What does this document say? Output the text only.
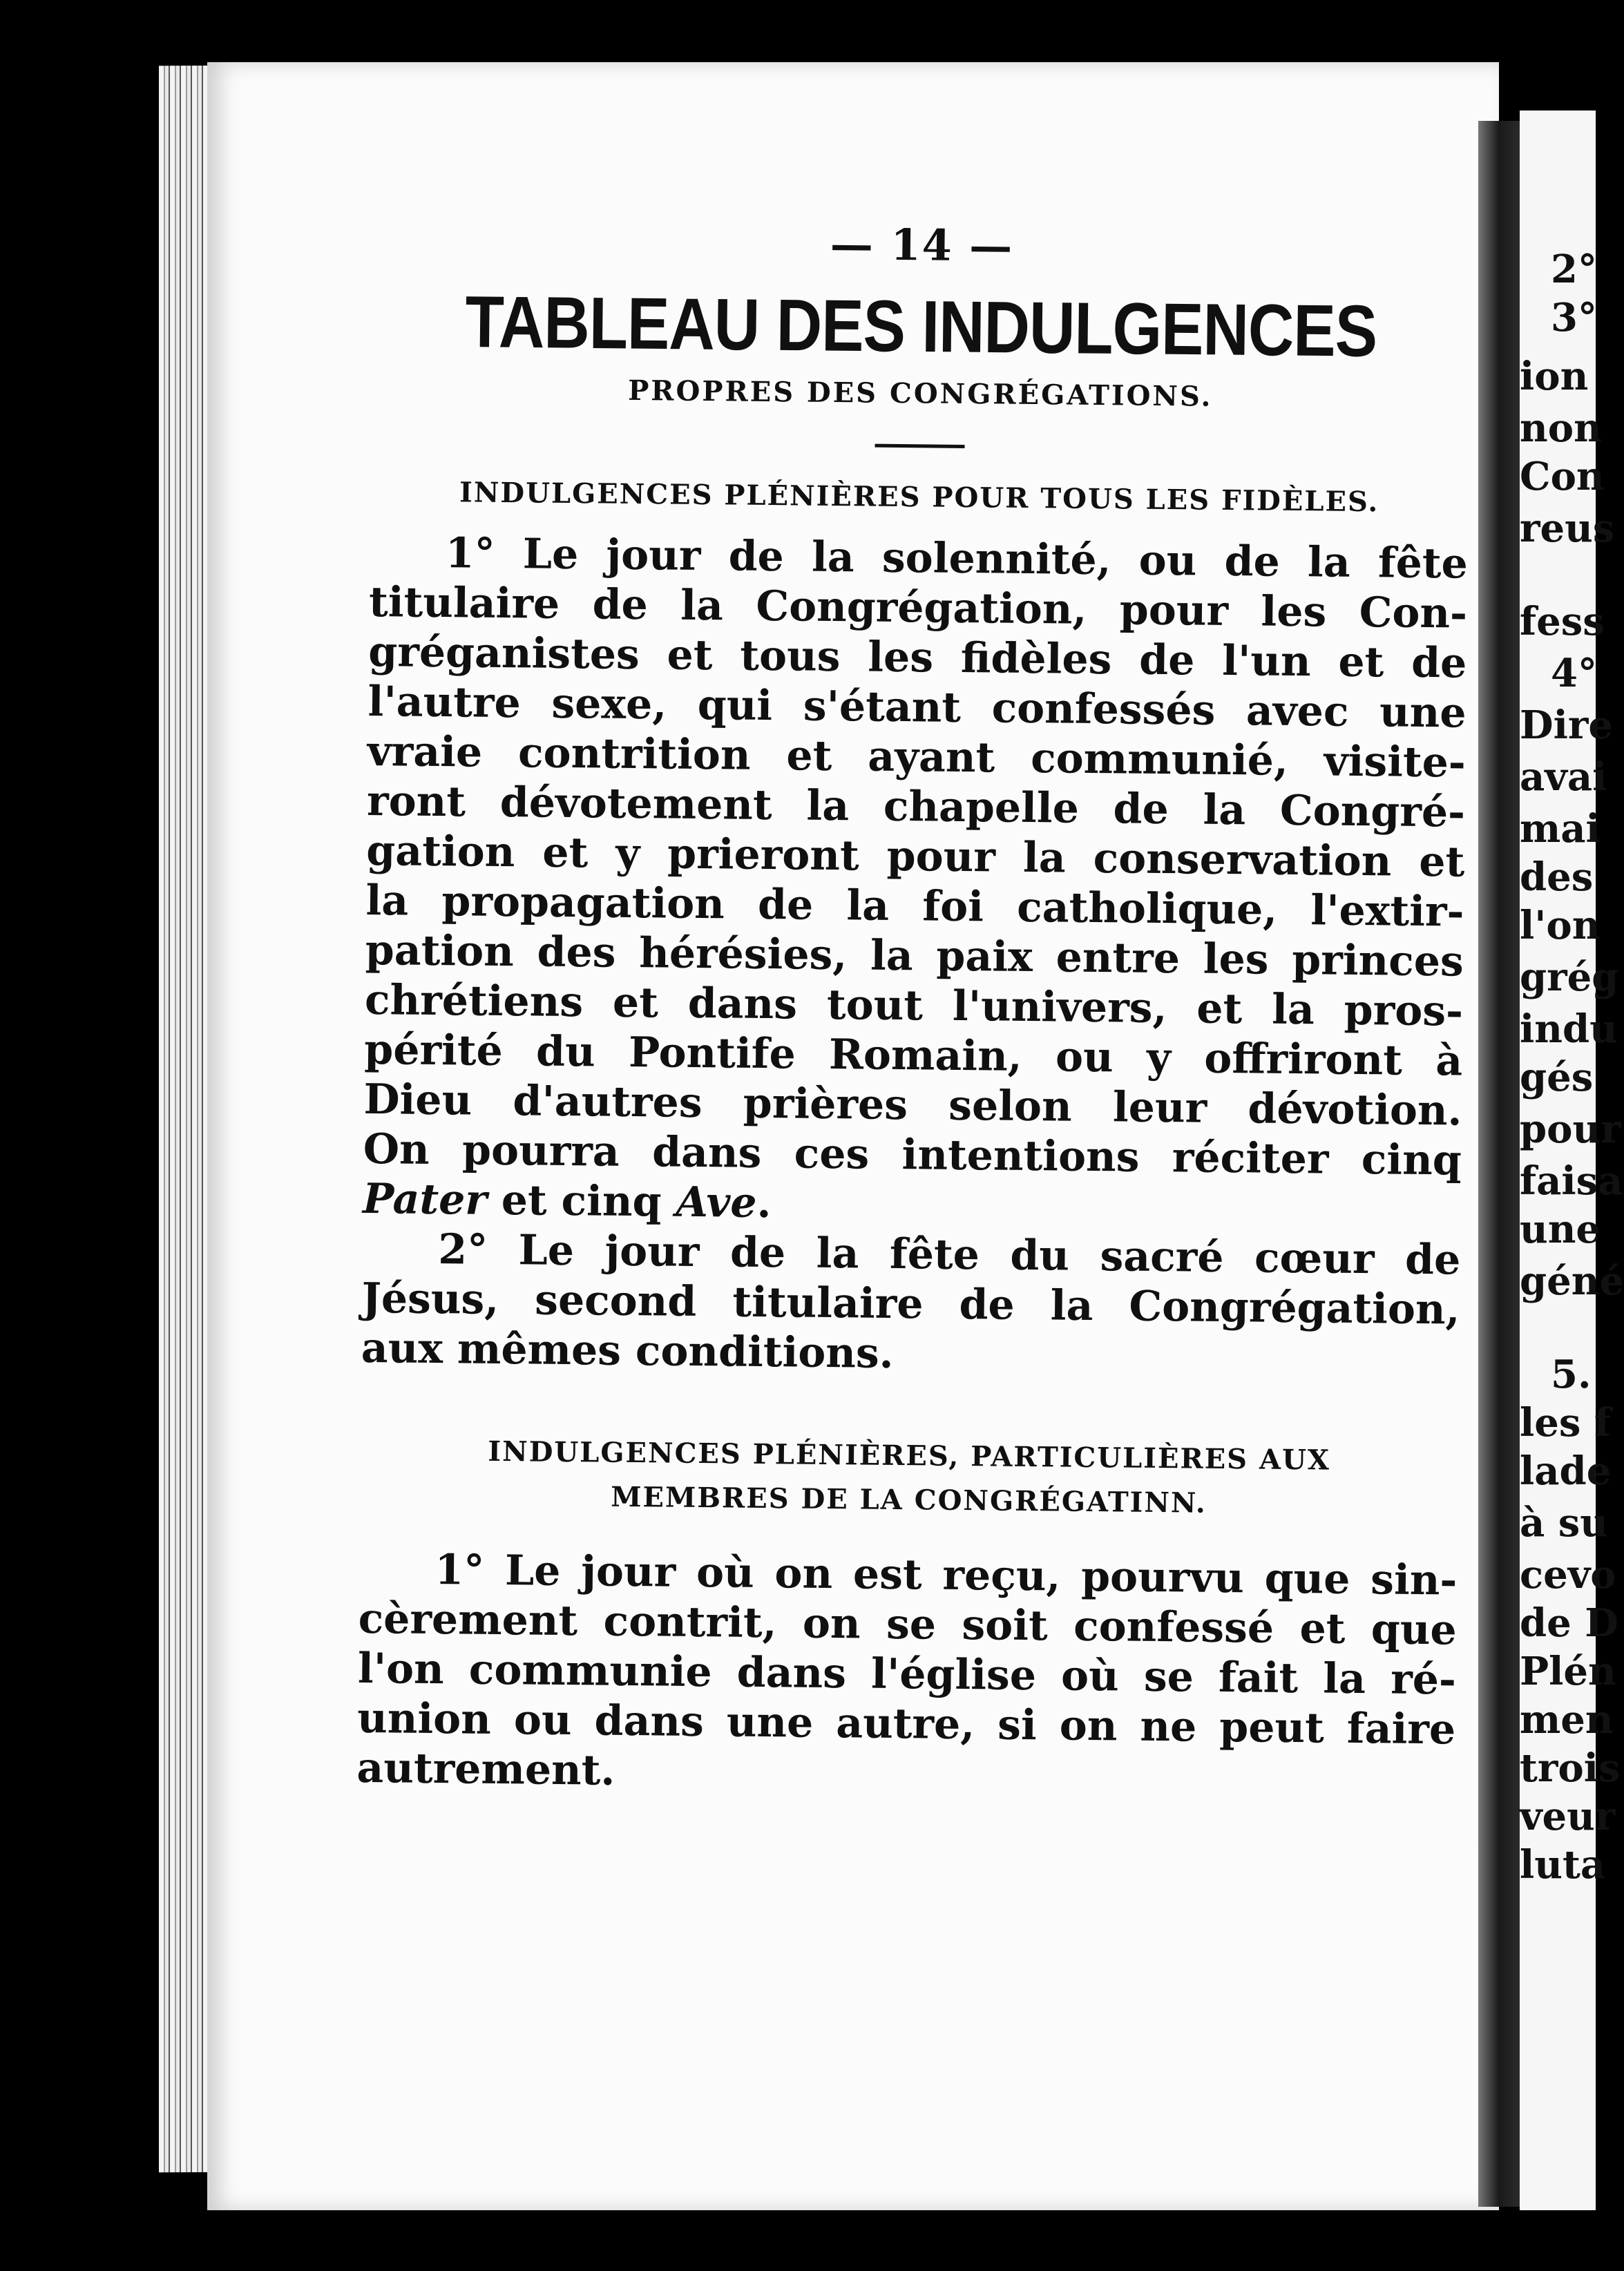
2°
3°
ion
non
Con
reus
fess
4°
Dire
avai
mai
des
l'on
grég
indu
gés
pour
faisa
une
géné
5.
les f
lade
à su
cevo
de D
Plén
men
trois
veur
luta
— 14 —
TABLEAU DES INDULGENCES
PROPRES DES CONGRÉGATIONS.
INDULGENCES PLÉNIÈRES POUR TOUS LES FIDÈLES.

1° Le jour de la solennité, ou de la fête
titulaire de la Congrégation, pour les Con-
gréganistes et tous les fidèles de l'un et de
l'autre sexe, qui s'étant confessés avec une
vraie contrition et ayant communié, visite-
ront dévotement la chapelle de la Congré-
gation et y prieront pour la conservation et
la propagation de la foi catholique, l'extir-
pation des hérésies, la paix entre les princes
chrétiens et dans tout l'univers, et la pros-
périté du Pontife Romain, ou y offriront à
Dieu d'autres prières selon leur dévotion.
On pourra dans ces intentions réciter cinq
Pater et cinq Ave.

2° Le jour de la fête du sacré cœur de
Jésus, second titulaire de la Congrégation,
aux mêmes conditions.

INDULGENCES PLÉNIÈRES, PARTICULIÈRES AUX
MEMBRES DE LA CONGRÉGATINN.

1° Le jour où on est reçu, pourvu que sin-
cèrement contrit, on se soit confessé et que
l'on communie dans l'église où se fait la ré-
union ou dans une autre, si on ne peut faire
autrement.
